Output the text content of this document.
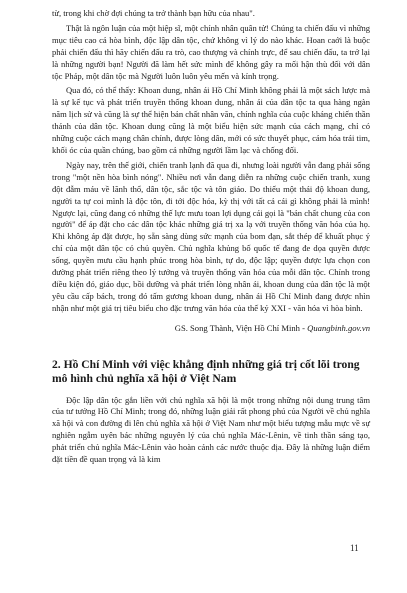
từ, trong khi chờ đợi chúng ta trở thành bạn hữu của nhau".

Thật là ngôn luận của một hiệp sĩ, một chính nhân quân tử! Chúng ta chiến đấu vì những mục tiêu cao cả hòa bình, độc lập dân tộc, chứ không vì lý do nào khác. Hoan caới là buộc phải chiến đấu thì hãy chiến đấu ra trò, cao thượng và chính trực, để sau chiến đấu, ta trở lại là những người bạn! Người đã làm hết sức mình để không gây ra mối hận thù đối với dân tộc Pháp, một dân tộc mà Người luôn luôn yêu mến và kính trọng.

Qua đó, có thể thấy: Khoan dung, nhân ái Hồ Chí Minh không phải là một sách lược mà là sự kế tục và phát triển truyền thống khoan dung, nhân ái của dân tộc ta qua hàng ngàn năm lịch sử và cũng là sự thể hiện bản chất nhân văn, chính nghĩa của cuộc kháng chiến thần thánh của dân tộc. Khoan dung cũng là một biểu hiện sức mạnh của cách mạng, chỉ có những cuộc cách mạng chân chính, được lòng dân, mới có sức thuyết phục, cảm hóa trái tim, khối óc của quần chúng, bao gồm cả những người lầm lạc và chống đối.

Ngày nay, trên thế giới, chiến tranh lạnh đã qua đi, nhưng loài người vẫn đang phải sống trong "một nền hòa bình nóng". Nhiều nơi vẫn đang diễn ra những cuộc chiến tranh, xung đột đẫm máu về lãnh thổ, dân tộc, sắc tộc và tôn giáo. Do thiếu một thái độ khoan dung, người ta tự coi mình là độc tôn, đi tới độc hóa, kỳ thị với tất cả cái gì không phải là mình! Ngược lại, cũng đang có những thế lực mưu toan lợi dụng cái gọi là "bản chất chung của con người" để áp đặt cho các dân tộc khác những giá trị xa lạ với truyền thống văn hóa của họ. Khi không áp đặt được, họ sẵn sàng dùng sức mạnh của bom đạn, sắt thép để khuất phục ý chí của một dân tộc có chủ quyền. Chủ nghĩa khủng bố quốc tế đang đe dọa quyền được sống, quyền mưu cầu hạnh phúc trong hòa bình, tự do, độc lập; quyền được lựa chọn con đường phát triển riêng theo lý tưởng và truyền thống văn hóa của mỗi dân tộc. Chính trong điều kiện đó, giáo dục, bồi dưỡng và phát triển lòng nhân ái, khoan dung của dân tộc là một yêu cầu cấp bách, trong đó tấm gương khoan dung, nhân ái Hồ Chí Minh đang được nhìn nhận như một giá trị tiêu biểu cho đặc trưng văn hóa của thế kỷ XXI - văn hóa vì hòa bình.

GS. Song Thành, Viện Hồ Chí Minh - Quangbinh.gov.vn

2. Hồ Chí Minh với việc khẳng định những giá trị cốt lõi trong mô hình chủ nghĩa xã hội ở Việt Nam

Độc lập dân tộc gắn liền với chủ nghĩa xã hội là một trong những nội dung trung tâm của tư tưởng Hồ Chí Minh; trong đó, những luận giải rất phong phú của Người về chủ nghĩa xã hội và con đường đi lên chủ nghĩa xã hội ở Việt Nam như một biểu tượng mẫu mực về sự nghiên ngẫm uyên bác những nguyên lý của chủ nghĩa Mác-Lênin, về tinh thần sáng tạo, phát triển chủ nghĩa Mác-Lênin vào hoàn cảnh các nước thuộc địa. Đây là những luận điểm đặt tiền đề quan trọng và là kim

11
